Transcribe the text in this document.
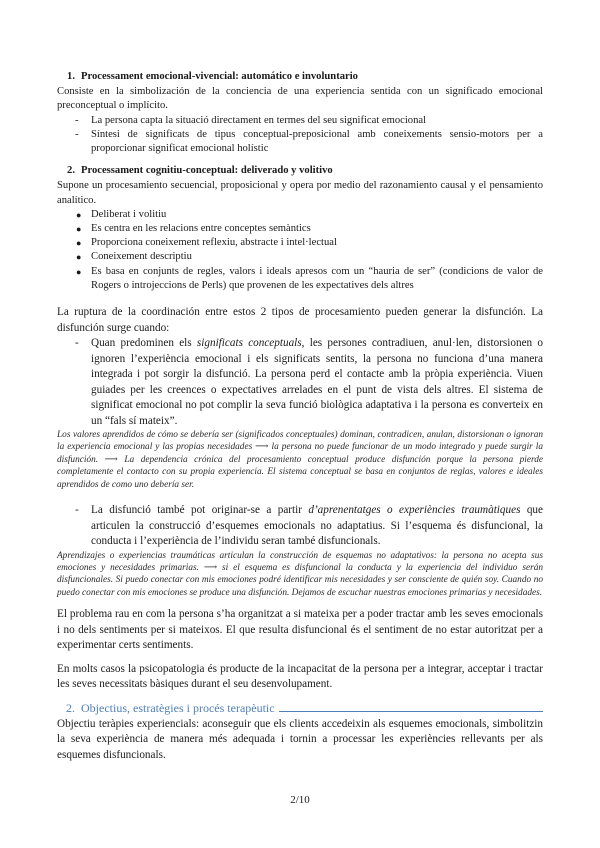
1. Processament emocional-vivencial: automático e involuntario

Consiste en la simbolización de la conciencia de una experiencia sentida con un significado emocional preconceptual o implícito.

- La persona capta la situació directament en termes del seu significat emocional
- Síntesi de significats de tipus conceptual-preposicional amb coneixements sensio-motors per a proporcionar significat emocional holístic
2. Processament cognitiu-conceptual: deliverado y volitivo

Supone un procesamiento secuencial, proposicional y opera por medio del razonamiento causal y el pensamiento analítico.

● Deliberat i volitiu
● Es centra en les relacions entre conceptes semàntics
● Proporciona coneixement reflexiu, abstracte i intel·lectual
● Coneixement descriptiu
● Es basa en conjunts de regles, valors i ideals apresos com un “hauria de ser” (condicions de valor de Rogers o introjeccions de Perls) que provenen de les expectatives dels altres

La ruptura de la coordinación entre estos 2 tipos de procesamiento pueden generar la disfunción. La disfunción surge cuando:

- Quan predominen els significats conceptuals, les persones contradiuen, anul·len, distorsionen o ignoren l’experiència emocional i els significats sentits, la persona no funciona d’una manera integrada i pot sorgir la disfunció. La persona perd el contacte amb la pròpia experiència. Viuen guiades per les creences o expectatives arrelades en el punt de vista dels altres. El sistema de significat emocional no pot complir la seva funció biològica adaptativa i la persona es converteix en un “fals sí mateix”.

Los valores aprendidos de cómo se debería ser (significados conceptuales) dominan, contradicen, anulan, distorsionan o ignoran la experiencia emocional y las propias necesidades ⟶ la persona no puede funcionar de un modo integrado y puede surgir la disfunción. ⟶ La dependencia crónica del procesamiento conceptual produce disfunción porque la persona pierde completamente el contacto con su propia experiencia. El sistema conceptual se basa en conjuntos de reglas, valores e ideales aprendidos de como uno debería ser.

- La disfunció també pot originar-se a partir d’aprenentatges o experiències traumàtiques que articulen la construcció d’esquemes emocionals no adaptatius. Si l’esquema és disfuncional, la conducta i l’experiència de l’individu seran també disfuncionals.

Aprendizajes o experiencias traumáticas articulan la construcción de esquemas no adaptativos: la persona no acepta sus emociones y necesidades primarias. ⟶ si el esquema es disfuncional la conducta y la experiencia del individuo serán disfuncionales. Si puedo conectar con mis emociones podré identificar mis necesidades y ser consciente de quién soy. Cuando no puedo conectar con mis emociones se produce una disfunción. Dejamos de escuchar nuestras emociones primarias y necesidades.

El problema rau en com la persona s’ha organitzat a si mateixa per a poder tractar amb les seves emocionals i no dels sentiments per si mateixos. El que resulta disfuncional és el sentiment de no estar autoritzat per a experimentar certs sentiments.

En molts casos la psicopatologia és producte de la incapacitat de la persona per a integrar, acceptar i tractar les seves necessitats bàsiques durant el seu desenvolupament.

2. Objectius, estratègies i procés terapèutic

Objectiu teràpies experiencials: aconseguir que els clients accedeixin als esquemes emocionals, simbolitzin la seva experiència de manera més adequada i tornin a processar les experiències rellevants per als esquemes disfuncionals.

2/10
